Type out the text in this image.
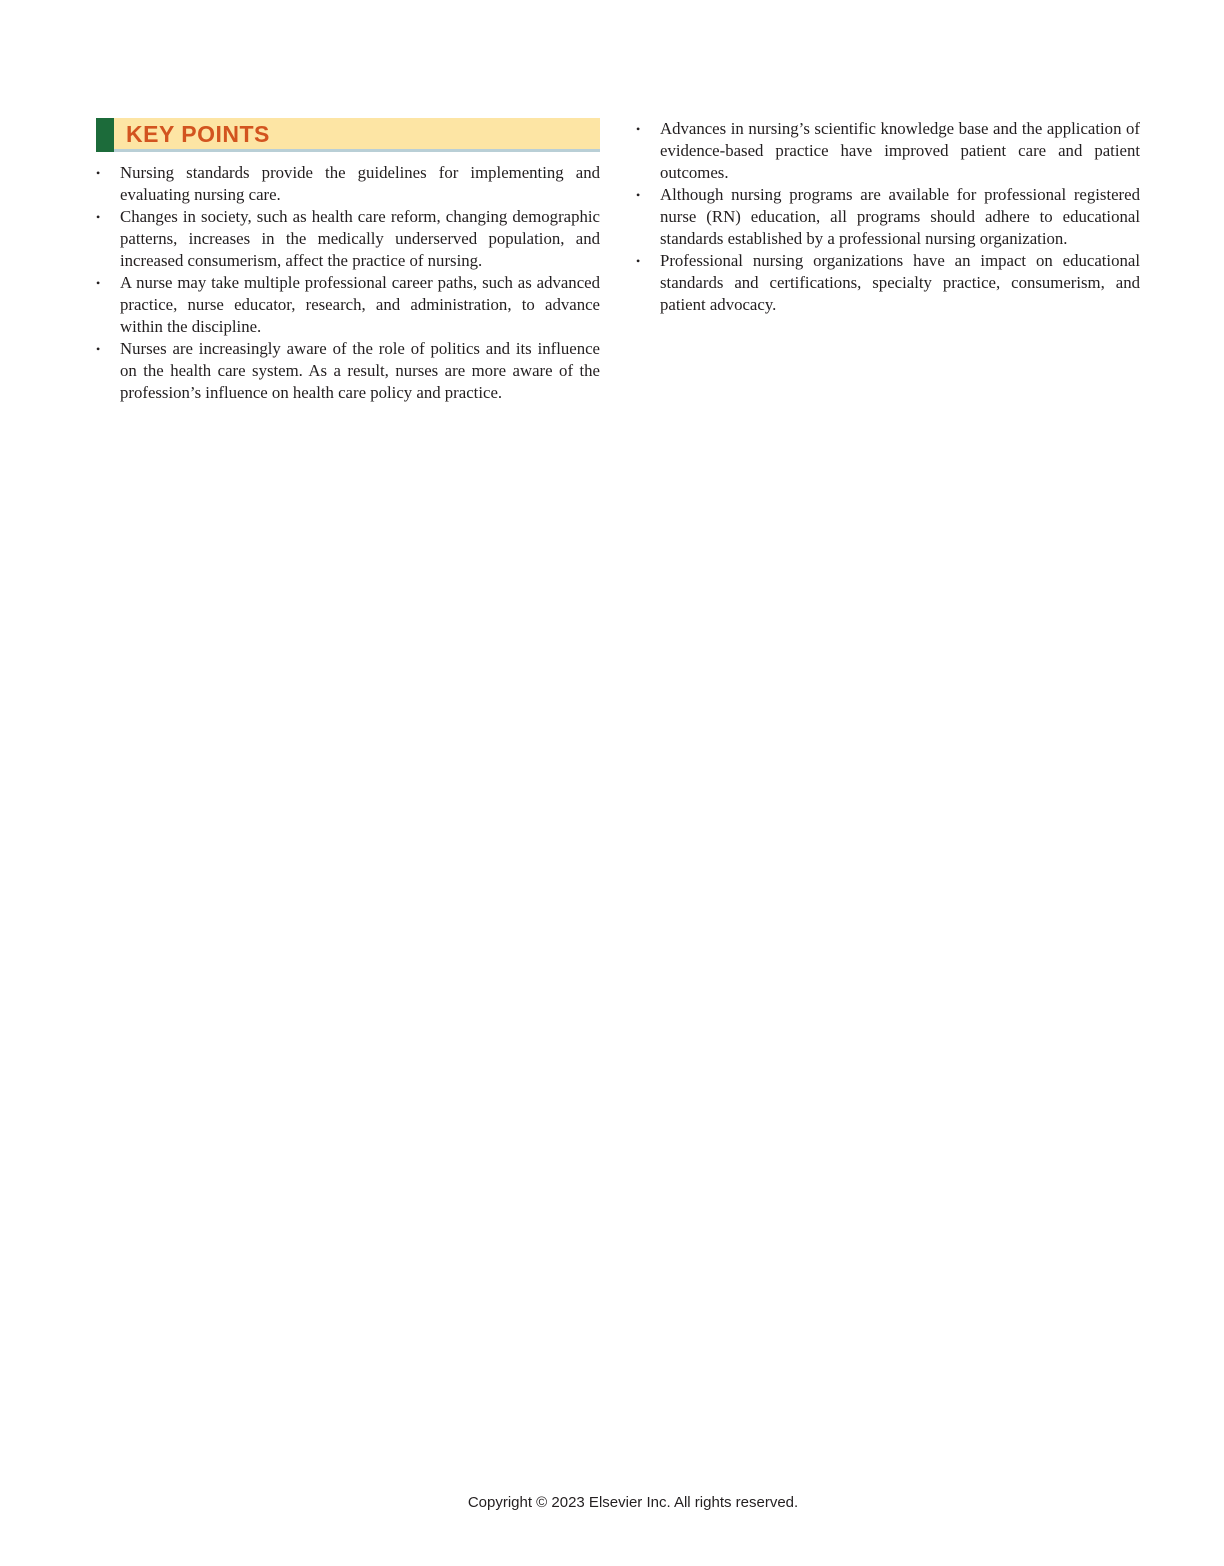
KEY POINTS
• Nursing standards provide the guidelines for implementing and evaluating nursing care.
• Changes in society, such as health care reform, changing demographic patterns, increases in the medically underserved population, and increased consumerism, affect the practice of nursing.
• A nurse may take multiple professional career paths, such as advanced practice, nurse educator, research, and administration, to advance within the discipline.
• Nurses are increasingly aware of the role of politics and its influence on the health care system. As a result, nurses are more aware of the profession’s influence on health care policy and practice.
• Advances in nursing’s scientific knowledge base and the application of evidence-based practice have improved patient care and patient outcomes.
• Although nursing programs are available for professional registered nurse (RN) education, all programs should adhere to educational standards established by a professional nursing organization.
• Professional nursing organizations have an impact on educational standards and certifications, specialty practice, consumerism, and patient advocacy.
Copyright © 2023 Elsevier Inc. All rights reserved.
